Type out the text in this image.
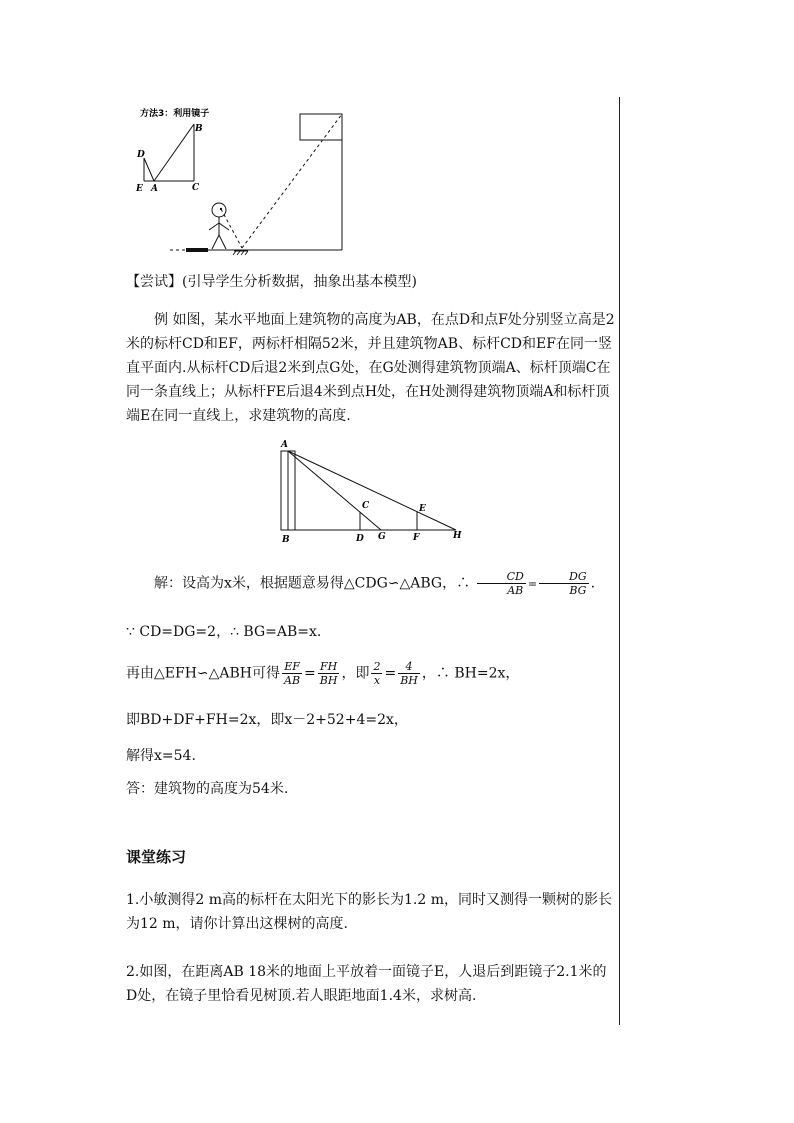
方法3：利用镜子
B
D
E A	C
【尝试】(引导学生分析数据，抽象出基本模型)
例 如图，某水平地面上建筑物的高度为AB，在点D和点F处分别竖立高是2米的标杆CD和EF，两标杆相隔52米，并且建筑物AB、标杆CD和EF在同一竖直平面内.从标杆CD后退2米到点G处，在G处测得建筑物顶端A、标杆顶端C在同一条直线上；从标杆FE后退4米到点H处，在H处测得建筑物顶端A和标杆顶端E在同一直线上，求建筑物的高度.
A
B
C
D G
E
F	H
解：设高为x米，根据题意易得△CDG∽△ABG，∴ $\frac{CD}{AB} = \frac{DG}{BG}$ .
∵ CD=DG=2，∴ BG=AB=x.
再由△EFH∽△ABH可得 $\frac{EF}{AB} = \frac{FH}{BH}$ ，即 $\frac{2}{x} = \frac{4}{BH}$ ，∴ BH=2x，
即BD+DF+FH=2x，即x－2+52+4=2x，
解得x=54.
答：建筑物的高度为54米.
课堂练习
1.小敏测得2 m高的标杆在太阳光下的影长为1.2 m，同时又测得一颗树的影长为12 m，请你计算出这棵树的高度.
2.如图，在距离AB 18米的地面上平放着一面镜子E，人退后到距镜子2.1米的D处，在镜子里恰看见树顶.若人眼距地面1.4米，求树高.
